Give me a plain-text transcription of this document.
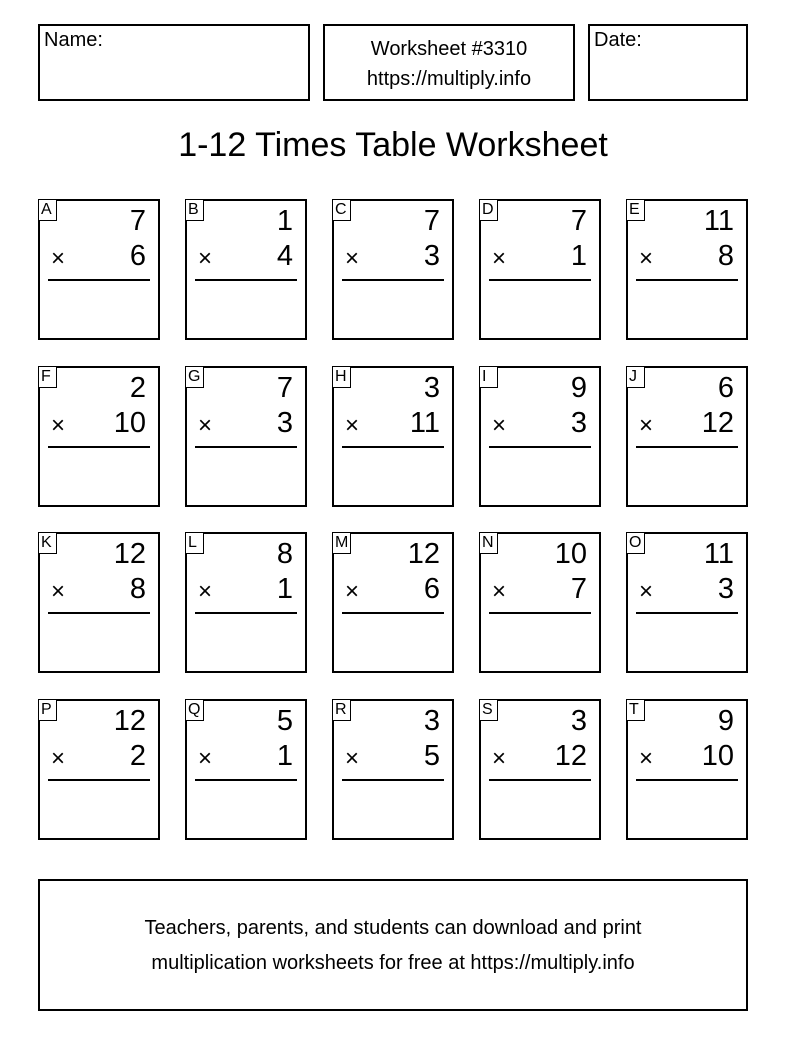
Name:	Worksheet #3310
https://multiply.info
Date:
1-12 Times Table Worksheet
A	7
× 6
B	1
× 4
C	7
× 3
D	7
× 1
E 11
× 8
F	2
× 10
G	7
× 3
H	3
× 11
I	9
× 3
J	6
× 12
K 12
× 8
L	8
× 1
M 12
× 6
N 10
× 7
O 11
× 3
P 12
× 2
Q	5
× 1
R	3
× 5
S	3
× 12
T	9
× 10
Teachers, parents, and students can download and print
multiplication worksheets for free at https://multiply.info
